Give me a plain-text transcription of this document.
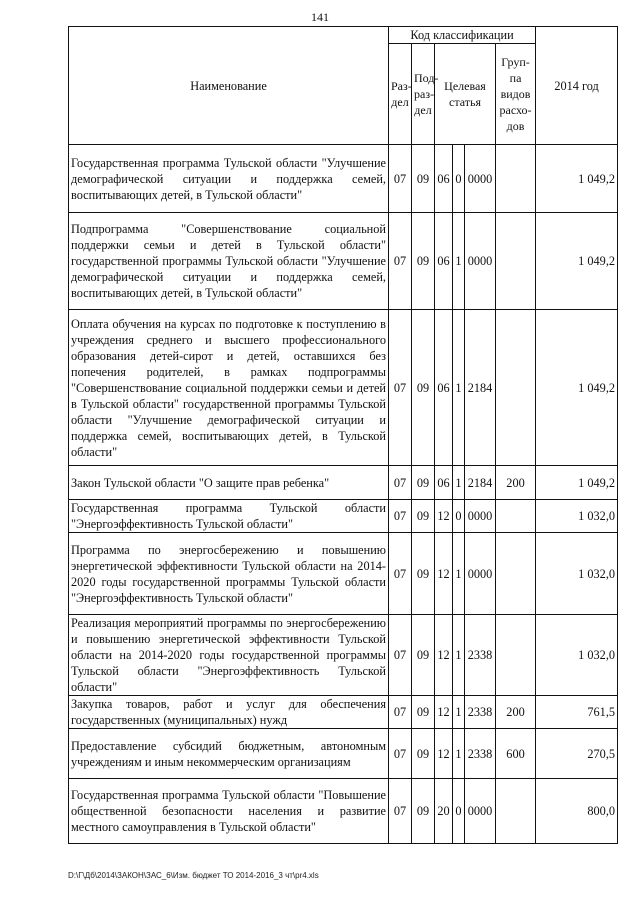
141
Наименование	Код классификации						2014 год
	Раз-дел	Под-раз-дел	Целевая статья			Груп-па видов расхо-дов	
Государственная программа Тульской области "Улучшение демографической ситуации и поддержка семей, воспитывающих детей, в Тульской области"	07	09	06	0	0000		1 049,2
Подпрограмма "Совершенствование социальной поддержки семьи и детей в Тульской области" государственной программы Тульской области "Улучшение демографической ситуации и поддержка семей, воспитывающих детей, в Тульской области"	07	09	06	1	0000		1 049,2
Оплата обучения на курсах по подготовке к поступлению в учреждения среднего и высшего профессионального образования детей-сирот и детей, оставшихся без попечения родителей, в рамках подпрограммы "Совершенствование социальной поддержки семьи и детей в Тульской области" государственной программы Тульской области "Улучшение демографической ситуации и поддержка семей, воспитывающих детей, в Тульской области"	07	09	06	1	2184		1 049,2
Закон Тульской области "О защите прав ребенка"	07	09	06	1	2184	200	1 049,2
Государственная программа Тульской области "Энергоэффективность Тульской области"	07	09	12	0	0000		1 032,0
Программа по энергосбережению и повышению энергетической эффективности Тульской области на 2014-2020 годы государственной программы Тульской области "Энергоэффективность Тульской области"	07	09	12	1	0000		1 032,0
Реализация мероприятий программы по энергосбережению и повышению энергетической эффективности Тульской области на 2014-2020 годы государственной программы Тульской области "Энергоэффективность Тульской области"	07	09	12	1	2338		1 032,0
Закупка товаров, работ и услуг для обеспечения государственных (муниципальных) нужд	07	09	12	1	2338	200	761,5
Предоставление субсидий бюджетным, автономным учреждениям и иным некоммерческим организациям	07	09	12	1	2338	600	270,5
Государственная программа Тульской области "Повышение общественной безопасности населения и развитие местного самоуправления в Тульской области"	07	09	20	0	0000		800,0
D:\Г\Дб\2014\ЗАКОН\ЗАС_6\Изм. бюджет ТО 2014-2016_3 чт\pr4.xls
